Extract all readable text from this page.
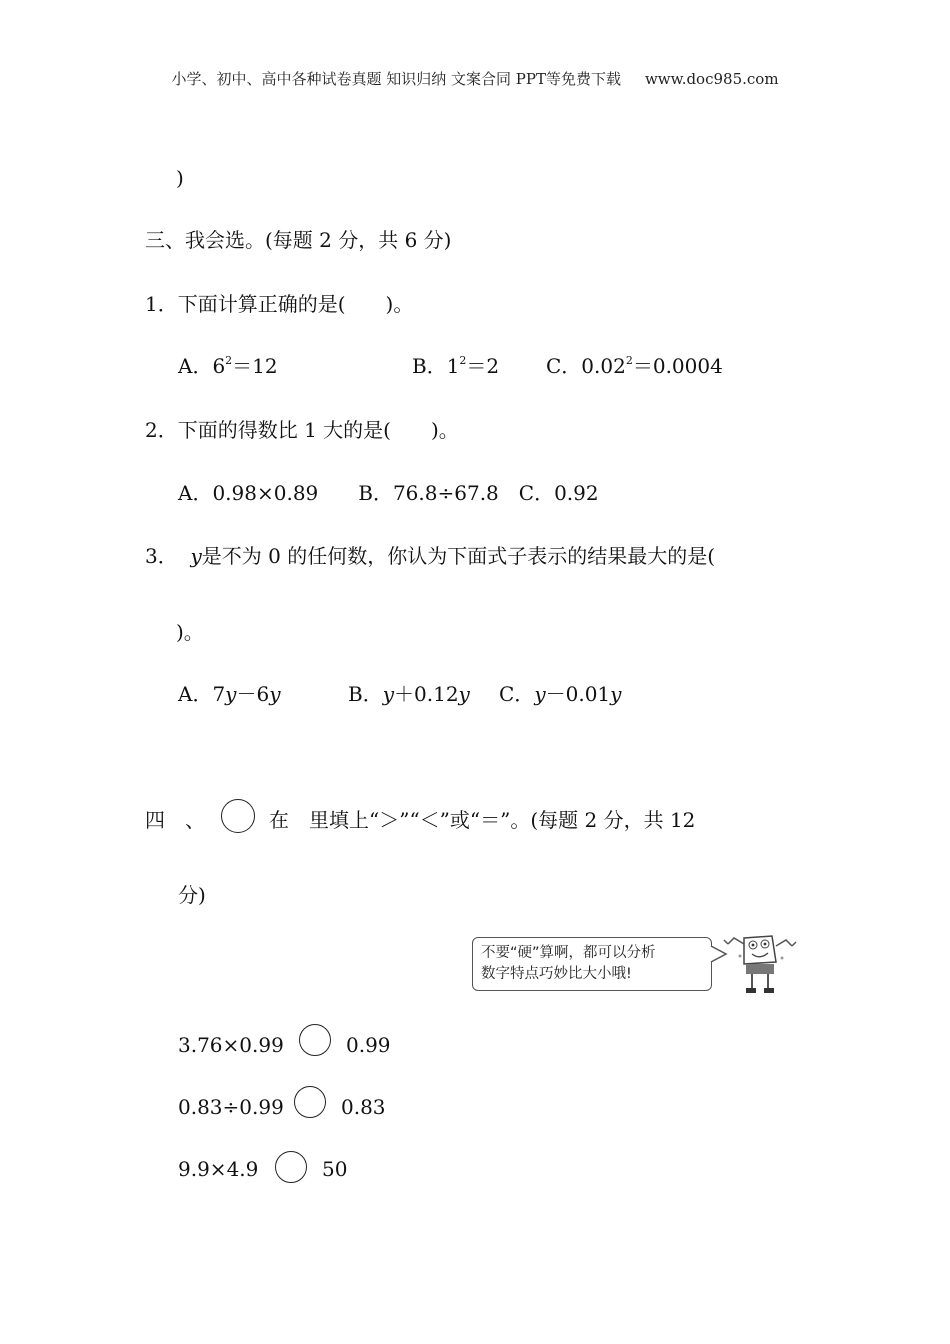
小学、初中、高中各种试卷真题 知识归纳 文案合同 PPT等免费下载 www.doc985.com
)
三、我会选。(每题 2 分，共 6 分)
1．下面计算正确的是(　　)。
A．$6^2=12$	B．$1^2=2$ C．$0.02^2=0.0004$
2．下面的得数比 1 大的是(　　)。
A．0.98×0.89　　B．76.8÷67.8　C．0.92
3． y是不为 0 的任何数，你认为下面式子表示的结果最大的是(
)。
A．7y－6y	B．y＋0.12y C．y－0.01y
四　、	在　里填上“＞”“＜”或“＝”。(每题 2 分，共 12
分)
不要“硬”算啊，都可以分析
数字特点巧妙比大小哦!
3.76×0.99	0.99
0.83÷0.99	0.83
9.9×4.9	50
